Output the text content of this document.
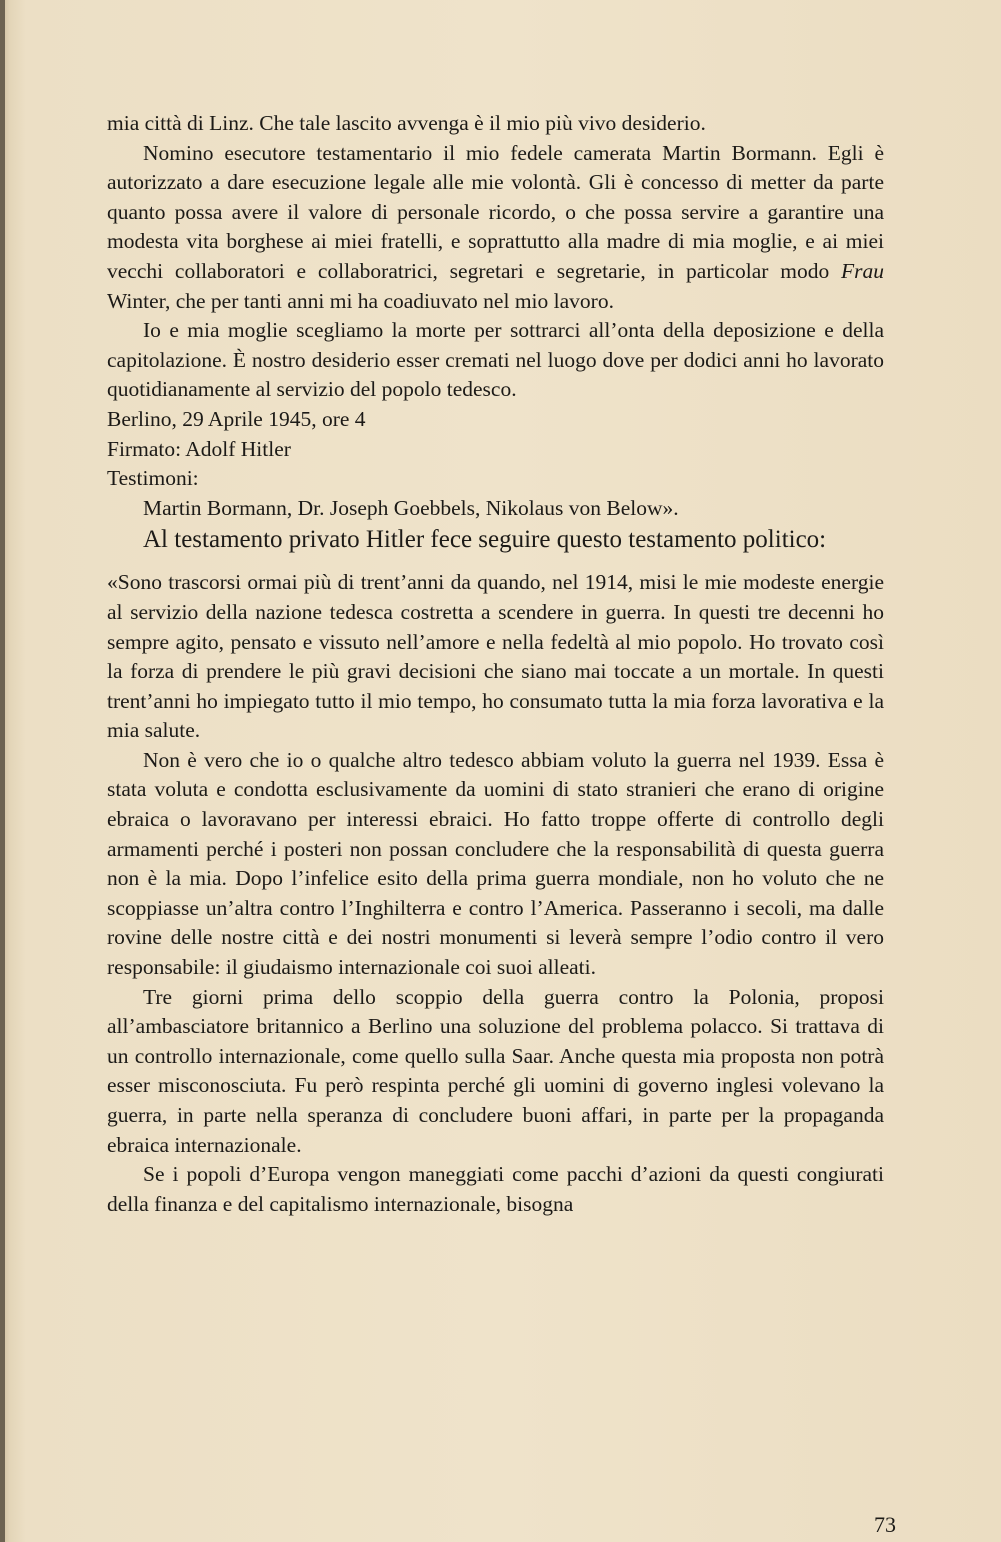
mia città di Linz. Che tale lascito avvenga è il mio più vivo desiderio.

Nomino esecutore testamentario il mio fedele camerata Martin Bormann. Egli è autorizzato a dare esecuzione legale alle mie volontà. Gli è concesso di metter da parte quanto possa avere il valore di personale ricordo, o che possa servire a garantire una modesta vita borghese ai miei fratelli, e soprattutto alla madre di mia moglie, e ai miei vecchi collaboratori e collaboratrici, segretari e segretarie, in particolar modo Frau Winter, che per tanti anni mi ha coadiuvato nel mio lavoro.

Io e mia moglie scegliamo la morte per sottrarci all’onta della deposizione e della capitolazione. È nostro desiderio esser cremati nel luogo dove per dodici anni ho lavorato quotidianamente al servizio del popolo tedesco.

Berlino, 29 Aprile 1945, ore 4

Firmato: Adolf Hitler

Testimoni:

Martin Bormann, Dr. Joseph Goebbels, Nikolaus von Below».

Al testamento privato Hitler fece seguire questo testamento politico:

«Sono trascorsi ormai più di trent’anni da quando, nel 1914, misi le mie modeste energie al servizio della nazione tedesca costretta a scendere in guerra. In questi tre decenni ho sempre agito, pensato e vissuto nell’amore e nella fedeltà al mio popolo. Ho trovato così la forza di prendere le più gravi decisioni che siano mai toccate a un mortale. In questi trent’anni ho impiegato tutto il mio tempo, ho consumato tutta la mia forza lavorativa e la mia salute.

Non è vero che io o qualche altro tedesco abbiam voluto la guerra nel 1939. Essa è stata voluta e condotta esclusivamente da uomini di stato stranieri che erano di origine ebraica o lavoravano per interessi ebraici. Ho fatto troppe offerte di controllo degli armamenti perché i posteri non possan concludere che la responsabilità di questa guerra non è la mia. Dopo l’infelice esito della prima guerra mondiale, non ho voluto che ne scoppiasse un’altra contro l’Inghilterra e contro l’America. Passeranno i secoli, ma dalle rovine delle nostre città e dei nostri monumenti si leverà sempre l’odio contro il vero responsabile: il giudaismo internazionale coi suoi alleati.

Tre giorni prima dello scoppio della guerra contro la Polonia, proposi all’ambasciatore britannico a Berlino una soluzione del problema polacco. Si trattava di un controllo internazionale, come quello sulla Saar. Anche questa mia proposta non potrà esser misconosciuta. Fu però respinta perché gli uomini di governo inglesi volevano la guerra, in parte nella speranza di concludere buoni affari, in parte per la propaganda ebraica internazionale.

Se i popoli d’Europa vengon maneggiati come pacchi d’azioni da questi congiurati della finanza e del capitalismo internazionale, bisogna

73
